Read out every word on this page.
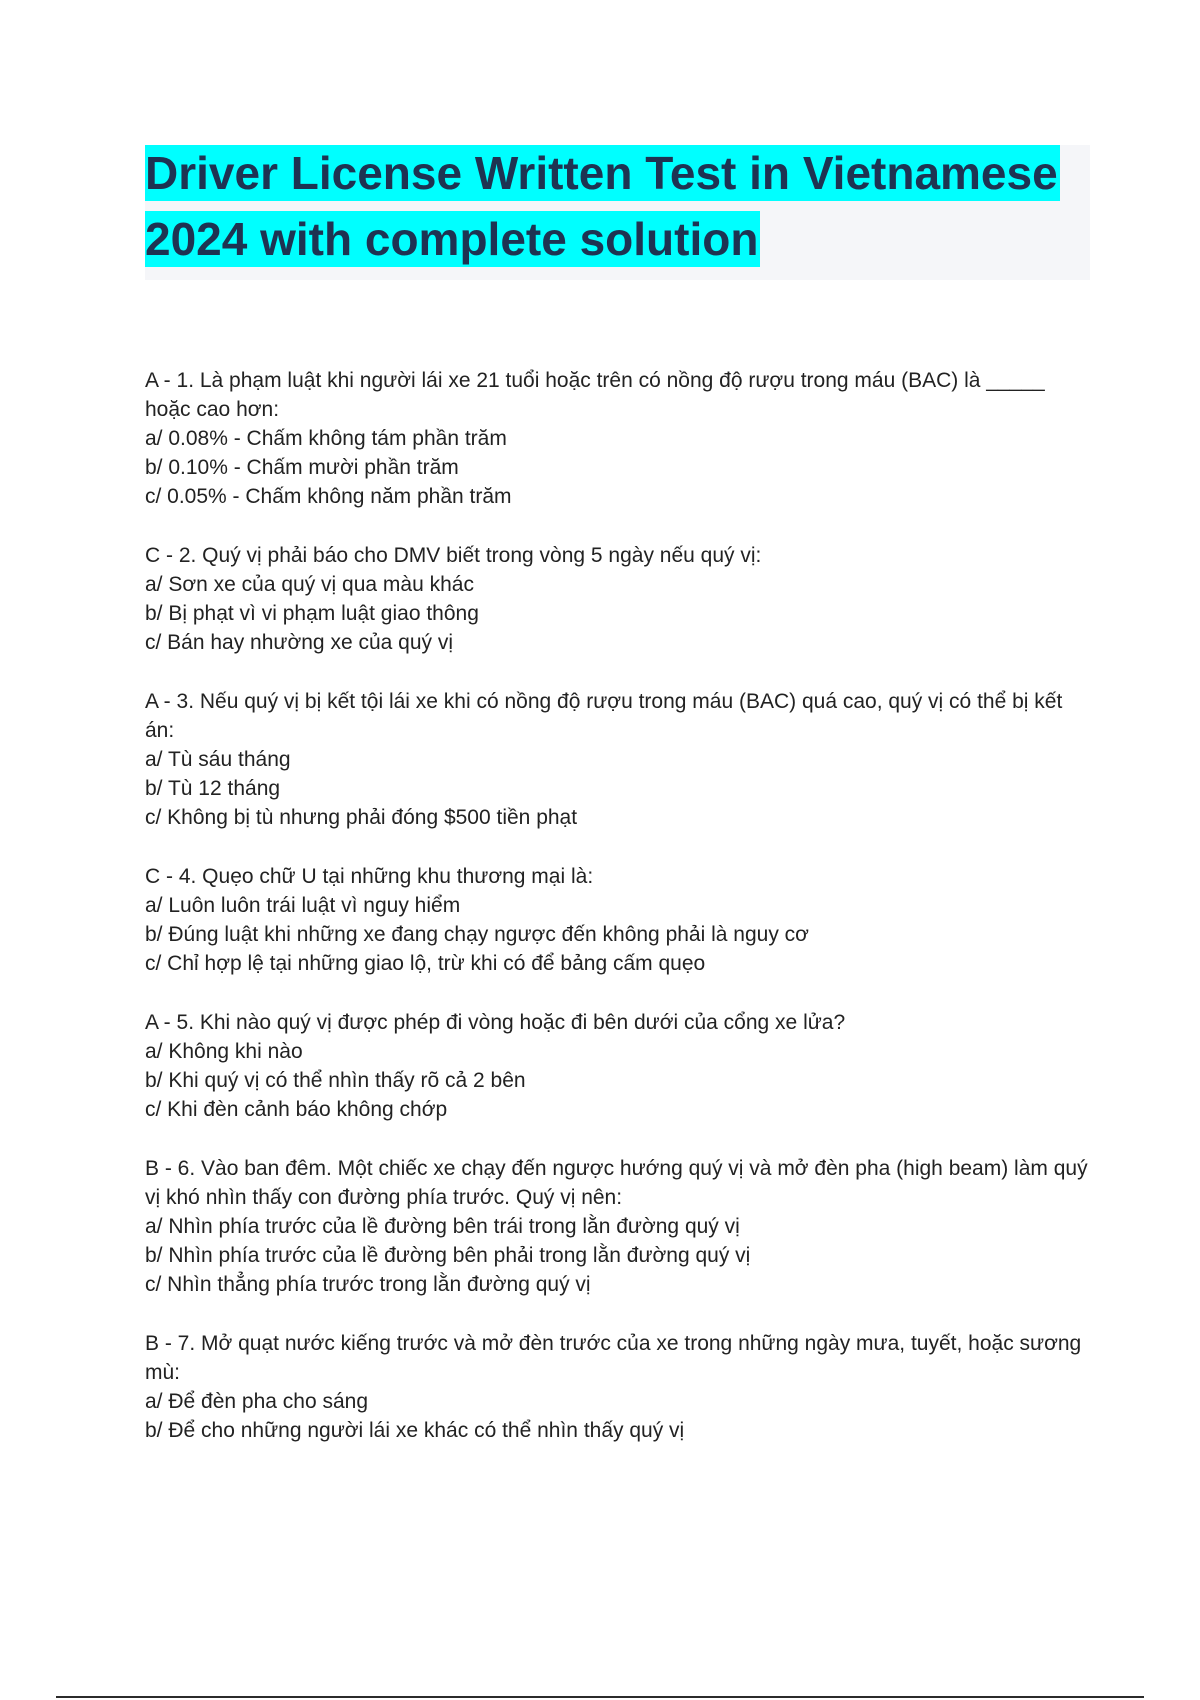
Driver License Written Test in Vietnamese
2024 with complete solution

A - 1. Là phạm luật khi người lái xe 21 tuổi hoặc trên có nồng độ rượu trong máu (BAC) là _____ hoặc cao hơn:

a/ 0.08% - Chấm không tám phần trăm

b/ 0.10% - Chấm mười phần trăm

c/ 0.05% - Chấm không năm phần trăm

C - 2. Quý vị phải báo cho DMV biết trong vòng 5 ngày nếu quý vị:

a/ Sơn xe của quý vị qua màu khác

b/ Bị phạt vì vi phạm luật giao thông

c/ Bán hay nhường xe của quý vị

A - 3. Nếu quý vị bị kết tội lái xe khi có nồng độ rượu trong máu (BAC) quá cao, quý vị có thể bị kết án:

a/ Tù sáu tháng

b/ Tù 12 tháng

c/ Không bị tù nhưng phải đóng $500 tiền phạt

C - 4. Quẹo chữ U tại những khu thương mại là:

a/ Luôn luôn trái luật vì nguy hiểm

b/ Đúng luật khi những xe đang chạy ngược đến không phải là nguy cơ

c/ Chỉ hợp lệ tại những giao lộ, trừ khi có để bảng cấm quẹo

A - 5. Khi nào quý vị được phép đi vòng hoặc đi bên dưới của cổng xe lửa?

a/ Không khi nào

b/ Khi quý vị có thể nhìn thấy rõ cả 2 bên

c/ Khi đèn cảnh báo không chớp

B - 6. Vào ban đêm. Một chiếc xe chạy đến ngược hướng quý vị và mở đèn pha (high beam) làm quý vị khó nhìn thấy con đường phía trước. Quý vị nên:

a/ Nhìn phía trước của lề đường bên trái trong lằn đường quý vị

b/ Nhìn phía trước của lề đường bên phải trong lằn đường quý vị

c/ Nhìn thẳng phía trước trong lằn đường quý vị

B - 7. Mở quạt nước kiếng trước và mở đèn trước của xe trong những ngày mưa, tuyết, hoặc sương mù:

a/ Để đèn pha cho sáng

b/ Để cho những người lái xe khác có thể nhìn thấy quý vị
